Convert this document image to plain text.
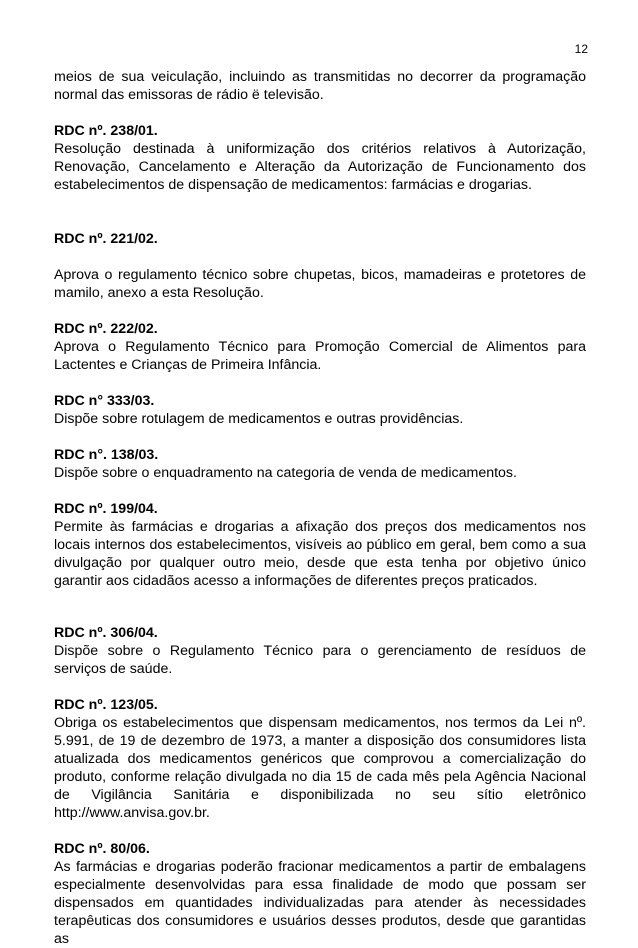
12

meios de sua veiculação, incluindo as transmitidas no decorrer da programação normal das emissoras de rádio ë televisão.

RDC nº. 238/01.

Resolução destinada à uniformização dos critérios relativos à Autorização, Renovação, Cancelamento e Alteração da Autorização de Funcionamento dos estabelecimentos de dispensação de medicamentos: farmácias e drogarias.

RDC nº. 221/02.

Aprova o regulamento técnico sobre chupetas, bicos, mamadeiras e protetores de mamilo, anexo a esta Resolução.

RDC nº. 222/02.

Aprova o Regulamento Técnico para Promoção Comercial de Alimentos para Lactentes e Crianças de Primeira Infância.

RDC n° 333/03.

Dispõe sobre rotulagem de medicamentos e outras providências.

RDC n°. 138/03.

Dispõe sobre o enquadramento na categoria de venda de medicamentos.

RDC nº. 199/04.

Permite às farmácias e drogarias a afixação dos preços dos medicamentos nos locais internos dos estabelecimentos, visíveis ao público em geral, bem como a sua divulgação por qualquer outro meio, desde que esta tenha por objetivo único garantir aos cidadãos acesso a informações de diferentes preços praticados.

RDC nº. 306/04.

Dispõe sobre o Regulamento Técnico para o gerenciamento de resíduos de serviços de saúde.

RDC nº. 123/05.

Obriga os estabelecimentos que dispensam medicamentos, nos termos da Lei nº. 5.991, de 19 de dezembro de 1973, a manter a disposição dos consumidores lista atualizada dos medicamentos genéricos que comprovou a comercialização do produto, conforme relação divulgada no dia 15 de cada mês pela Agência Nacional de Vigilância Sanitária e disponibilizada no seu sítio eletrônico http://www.anvisa.gov.br.

RDC nº. 80/06.

As farmácias e drogarias poderão fracionar medicamentos a partir de embalagens especialmente desenvolvidas para essa finalidade de modo que possam ser dispensados em quantidades individualizadas para atender às necessidades terapêuticas dos consumidores e usuários desses produtos, desde que garantidas as
